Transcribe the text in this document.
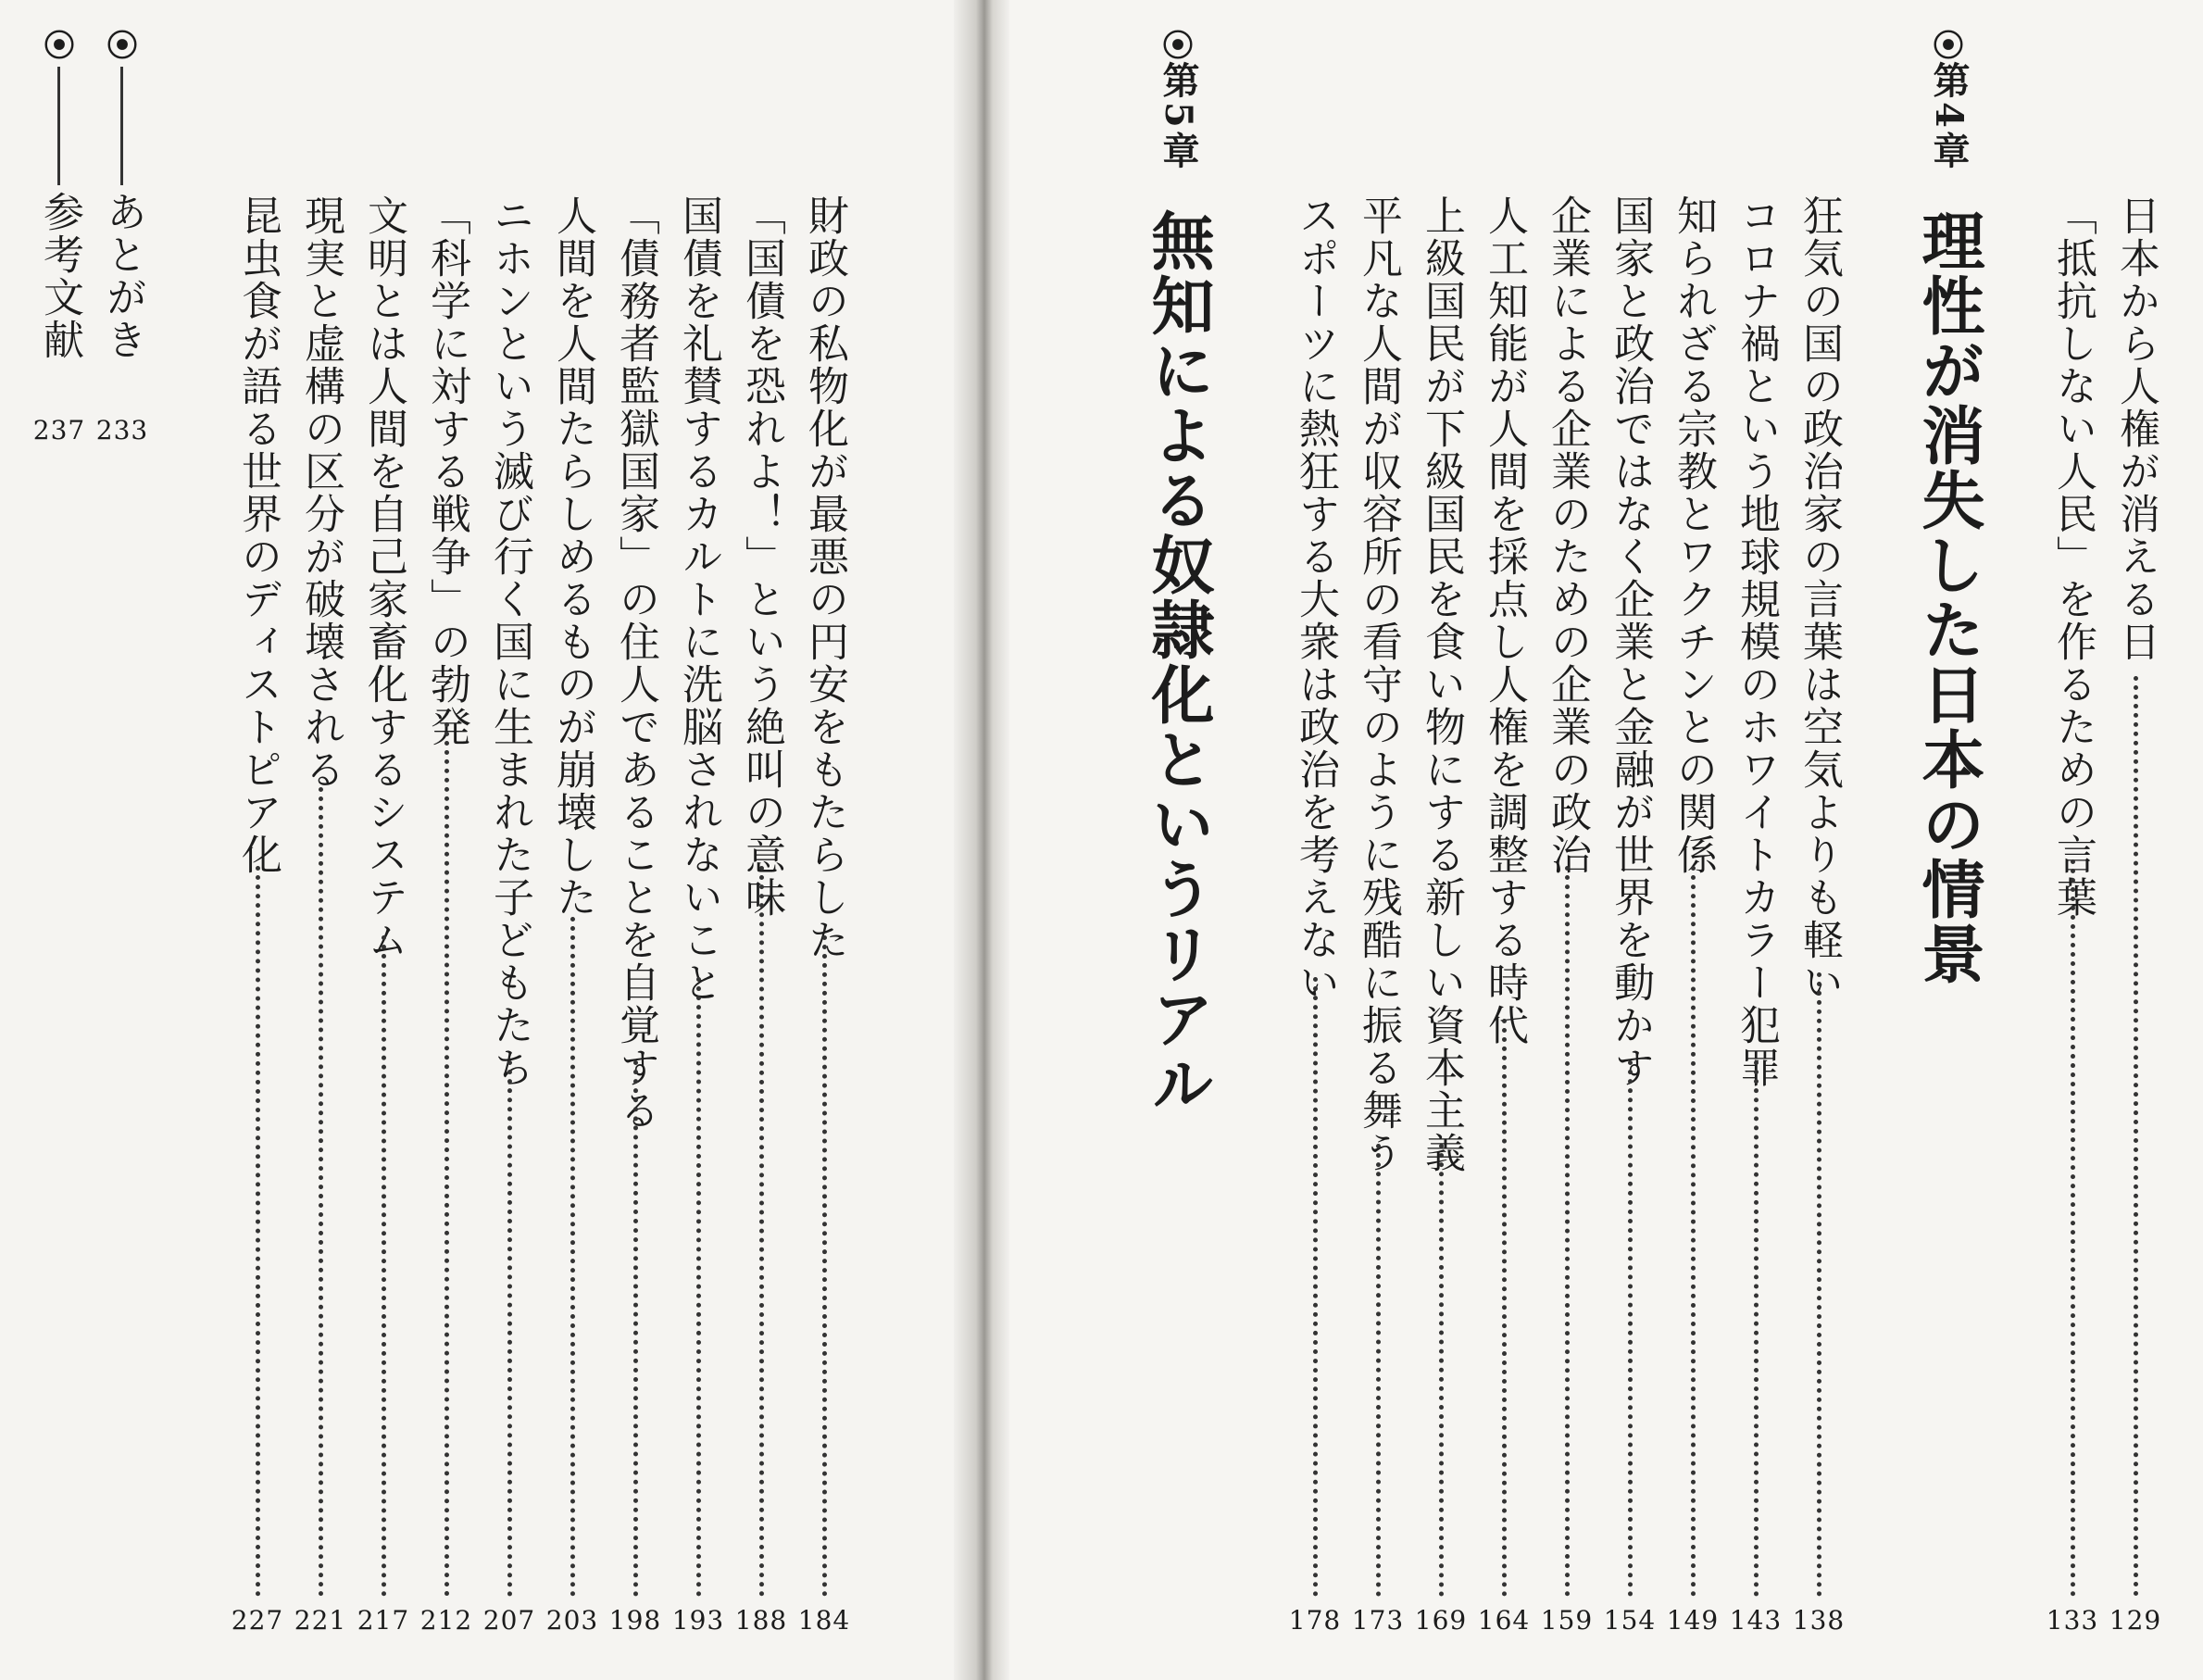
⦿
第4章
理性が消失した日本の情景	日本から人権が消える日
129
「抵抗しない人民」を作るための言葉
133
狂気の国の政治家の言葉は空気よりも軽い
138
コロナ禍という地球規模のホワイトカラー犯罪
143
知られざる宗教とワクチンとの関係
149
国家と政治ではなく企業と金融が世界を動かす
154
企業による企業のための企業の政治
159
人工知能が人間を採点し人権を調整する時代
164
上級国民が下級国民を食い物にする新しい資本主義
169
平凡な人間が収容所の看守のように残酷に振る舞う
173
スポーツに熱狂する大衆は政治を考えない
178
⦿
第5章
無知による奴隷化というリアル
財政の私物化が最悪の円安をもたらした
184
「国債を恐れよ！」という絶叫の意味
188
国債を礼賛するカルトに洗脳されないこと
193
「債務者監獄国家」の住人であることを自覚する
198
人間を人間たらしめるものが崩壊した
203
ニホンという滅び行く国に生まれた子どもたち
207
「科学に対する戦争」の勃発
212
文明とは人間を自己家畜化するシステム
217
現実と虚構の区分が破壊される
221
昆虫食が語る世界のディストピア化
227
⦿
あとがき
233
⦿
参考文献
237
